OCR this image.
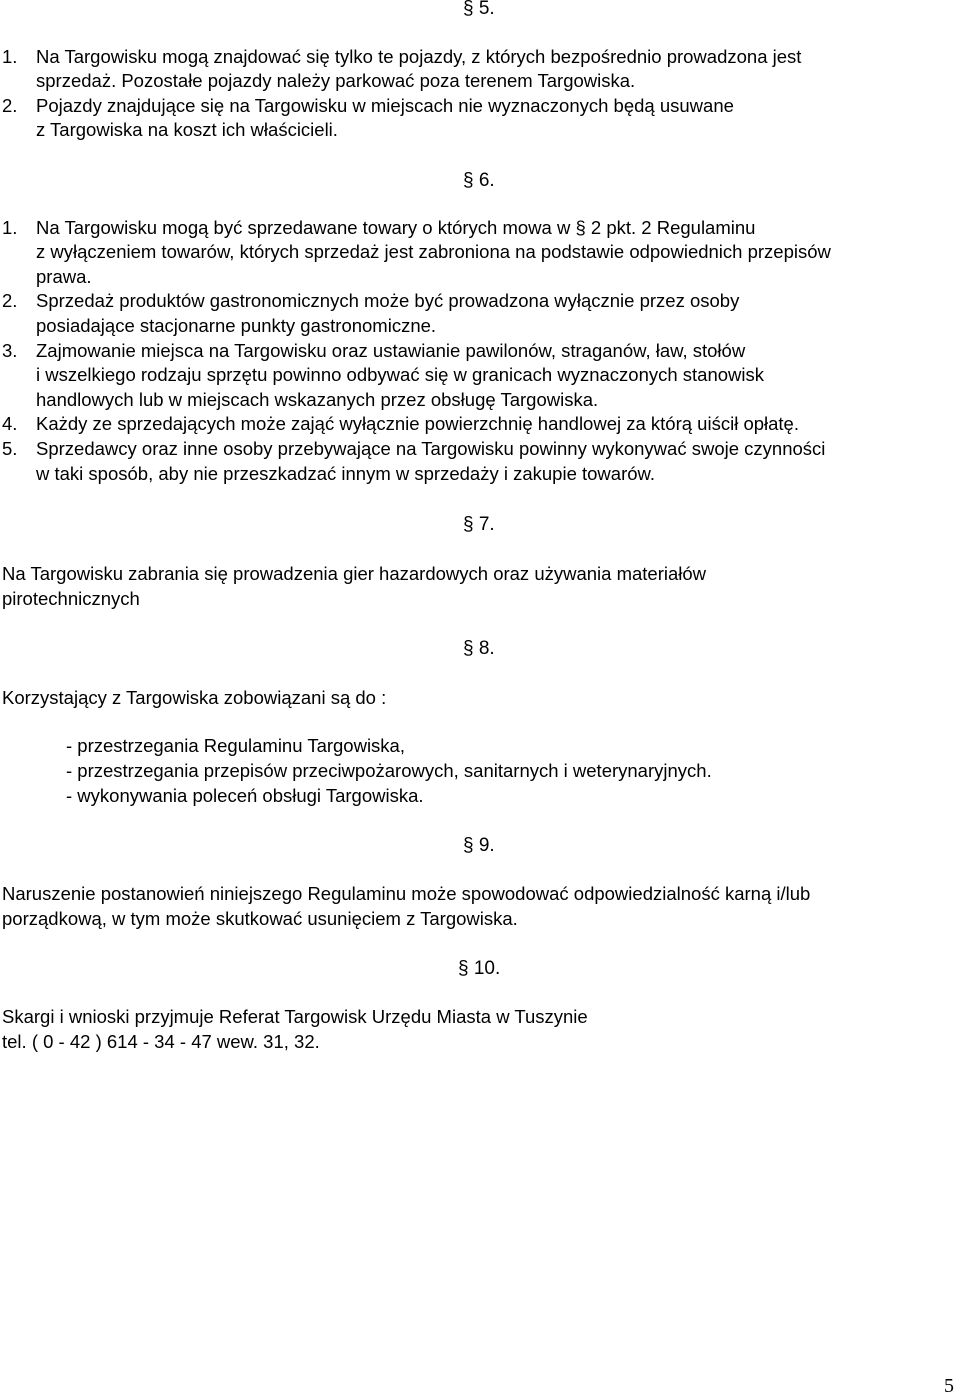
§ 5.
1. Na Targowisku mogą znajdować się tylko te pojazdy, z których bezpośrednio prowadzona jest
sprzedaż. Pozostałe pojazdy należy parkować poza terenem Targowiska.
2. Pojazdy znajdujące się na Targowisku w miejscach nie wyznaczonych będą usuwane
z Targowiska na koszt ich właścicieli.
§ 6.
1. Na Targowisku mogą być sprzedawane towary o których mowa w § 2 pkt. 2 Regulaminu
z wyłączeniem towarów, których sprzedaż jest zabroniona na podstawie odpowiednich przepisów
prawa.
2. Sprzedaż produktów gastronomicznych może być prowadzona wyłącznie przez osoby
posiadające stacjonarne punkty gastronomiczne.
3. Zajmowanie miejsca na Targowisku oraz ustawianie pawilonów, straganów, ław, stołów
i wszelkiego rodzaju sprzętu powinno odbywać się w granicach wyznaczonych stanowisk
handlowych lub w miejscach wskazanych przez obsługę Targowiska.
4. Każdy ze sprzedających może zająć wyłącznie powierzchnię handlowej za którą uiścił opłatę.
5. Sprzedawcy oraz inne osoby przebywające na Targowisku powinny wykonywać swoje czynności
w taki sposób, aby nie przeszkadzać innym w sprzedaży i zakupie towarów.
§ 7.
Na Targowisku zabrania się prowadzenia gier hazardowych oraz używania materiałów
pirotechnicznych
§ 8.
Korzystający z Targowiska zobowiązani są do :
- przestrzegania Regulaminu Targowiska,
- przestrzegania przepisów przeciwpożarowych, sanitarnych i weterynaryjnych.
- wykonywania poleceń obsługi Targowiska.
§ 9.
Naruszenie postanowień niniejszego Regulaminu może spowodować odpowiedzialność karną i/lub
porządkową, w tym może skutkować usunięciem z Targowiska.
§ 10.
Skargi i wnioski przyjmuje Referat Targowisk Urzędu Miasta w Tuszynie
tel. ( 0 - 42 ) 614 - 34 - 47 wew. 31, 32.
5
